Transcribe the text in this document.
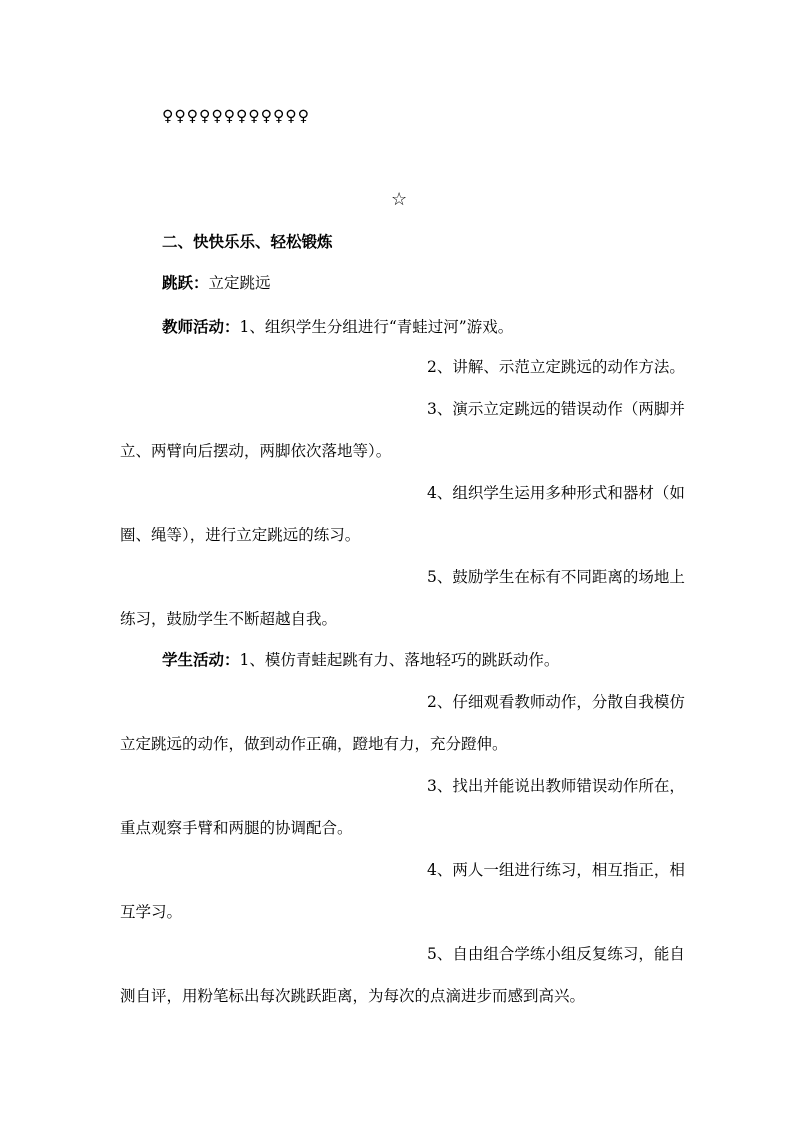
♀♀♀♀♀♀♀♀♀♀♀♀
☆
二、快快乐乐、轻松锻炼
跳跃：立定跳远
教师活动：1、组织学生分组进行“青蛙过河”游戏。
2、讲解、示范立定跳远的动作方法。
3、演示立定跳远的错误动作（两脚并
立、两臂向后摆动，两脚依次落地等）。
4、组织学生运用多种形式和器材（如
圈、绳等），进行立定跳远的练习。
5、鼓励学生在标有不同距离的场地上
练习，鼓励学生不断超越自我。
学生活动：1、模仿青蛙起跳有力、落地轻巧的跳跃动作。
2、仔细观看教师动作，分散自我模仿
立定跳远的动作，做到动作正确，蹬地有力，充分蹬伸。
3、找出并能说出教师错误动作所在，
重点观察手臂和两腿的协调配合。
4、两人一组进行练习，相互指正，相
互学习。
5、自由组合学练小组反复练习，能自
测自评，用粉笔标出每次跳跃距离，为每次的点滴进步而感到高兴。
